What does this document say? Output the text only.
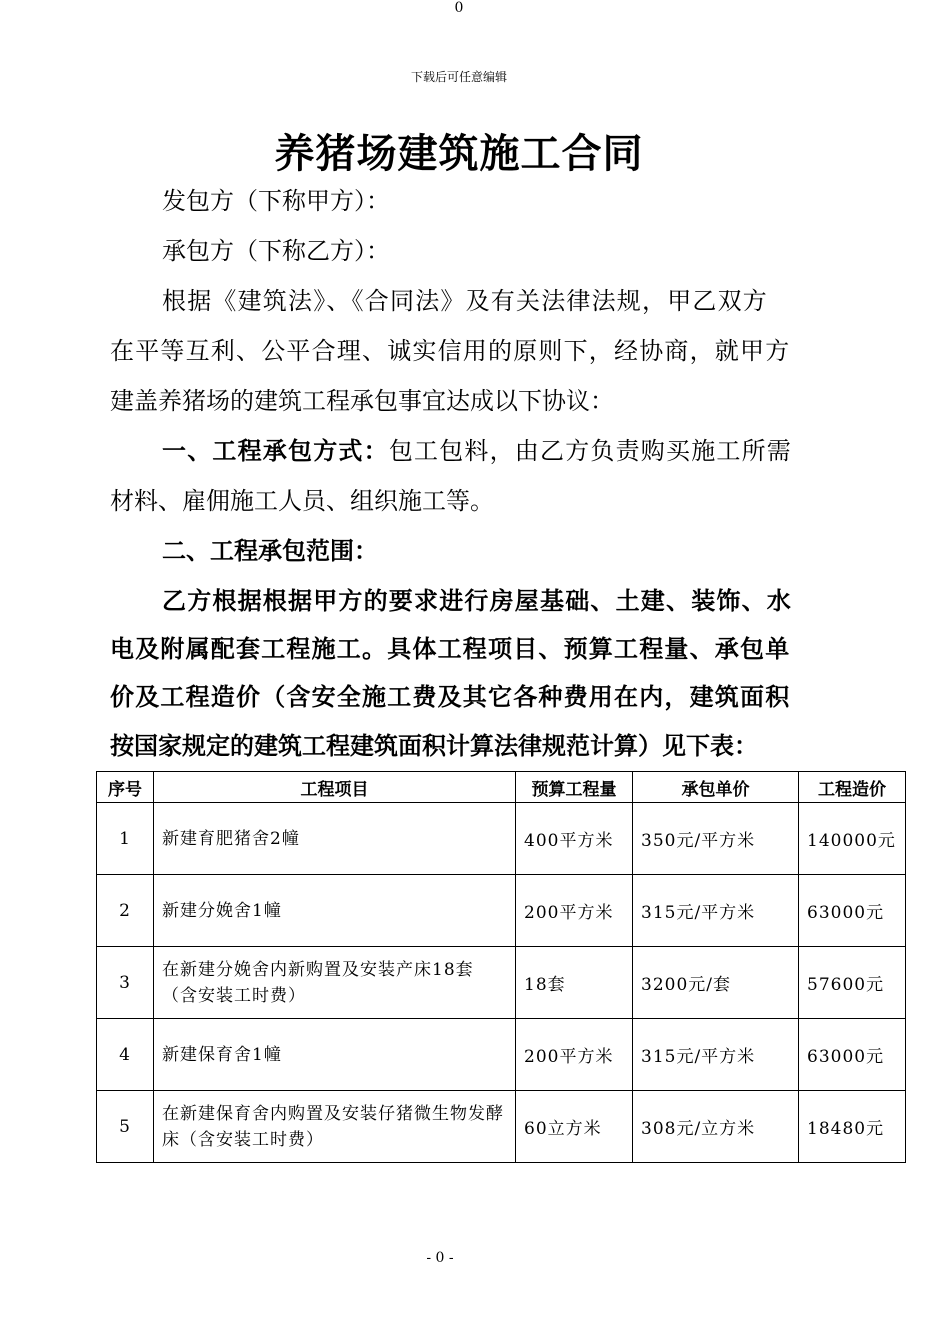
0
下载后可任意编辑
养猪场建筑施工合同
发包方（下称甲方）：
承包方（下称乙方）：
根据《建筑法》、《合同法》及有关法律法规，甲乙双方
在平等互利、公平合理、诚实信用的原则下，经协商，就甲方
建盖养猪场的建筑工程承包事宜达成以下协议：
一、工程承包方式：包工包料，由乙方负责购买施工所需
材料、雇佣施工人员、组织施工等。
二、工程承包范围：
乙方根据根据甲方的要求进行房屋基础、土建、装饰、水
电及附属配套工程施工。具体工程项目、预算工程量、承包单
价及工程造价（含安全施工费及其它各种费用在内，建筑面积
按国家规定的建筑工程建筑面积计算法律规范计算）见下表：
序号	工程项目	预算工程量	承包单价	工程造价
1	新建育肥猪舍2幢	400平方米	350元/平方米	140000元
2	新建分娩舍1幢	200平方米	315元/平方米	63000元
3	在新建分娩舍内新购置及安装产床18套（含安装工时费）	18套	3200元/套	57600元
4	新建保育舍1幢	200平方米	315元/平方米	63000元
5	在新建保育舍内购置及安装仔猪微生物发酵床（含安装工时费）	60立方米	308元/立方米	18480元
- 0 -
